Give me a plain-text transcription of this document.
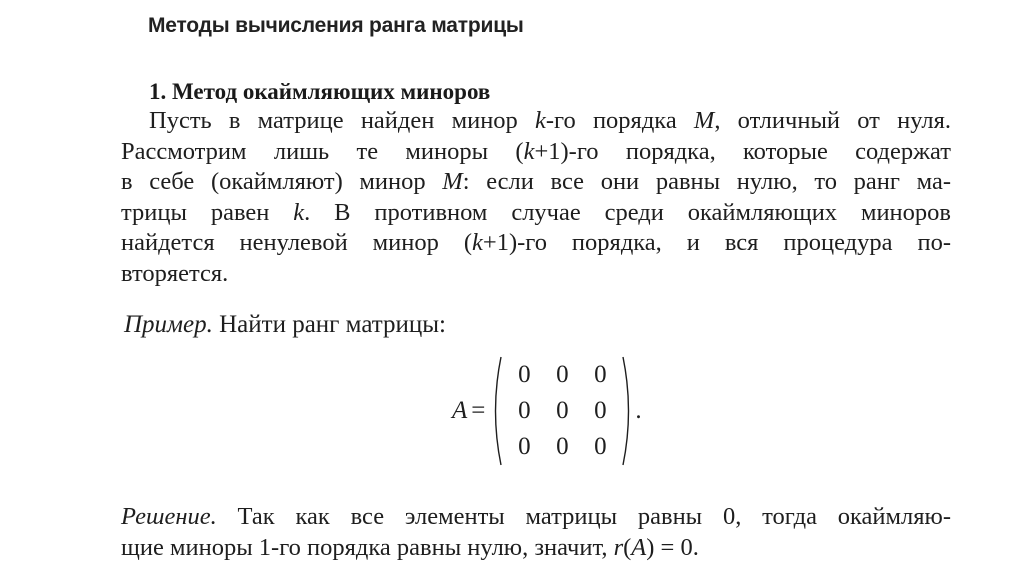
Методы вычисления ранга матрицы
1. Метод окаймляющих миноров
Пусть в матрице найден минор k-го порядка M, отличный от нуля.
Рассмотрим лишь те миноры (k+1)-го порядка, которые содержат
в себе (окаймляют) минор M: если все они равны нулю, то ранг ма-
трицы равен k. В противном случае среди окаймляющих миноров
найдется ненулевой минор (k+1)-го порядка, и вся процедура по-
вторяется.
Пример. Найти ранг матрицы:
A =
0 0 0
0 0 0
0 0 0
.
Решение. Так как все элементы матрицы равны 0, тогда окаймляю-
щие миноры 1-го порядка равны нулю, значит, r(A) = 0.
